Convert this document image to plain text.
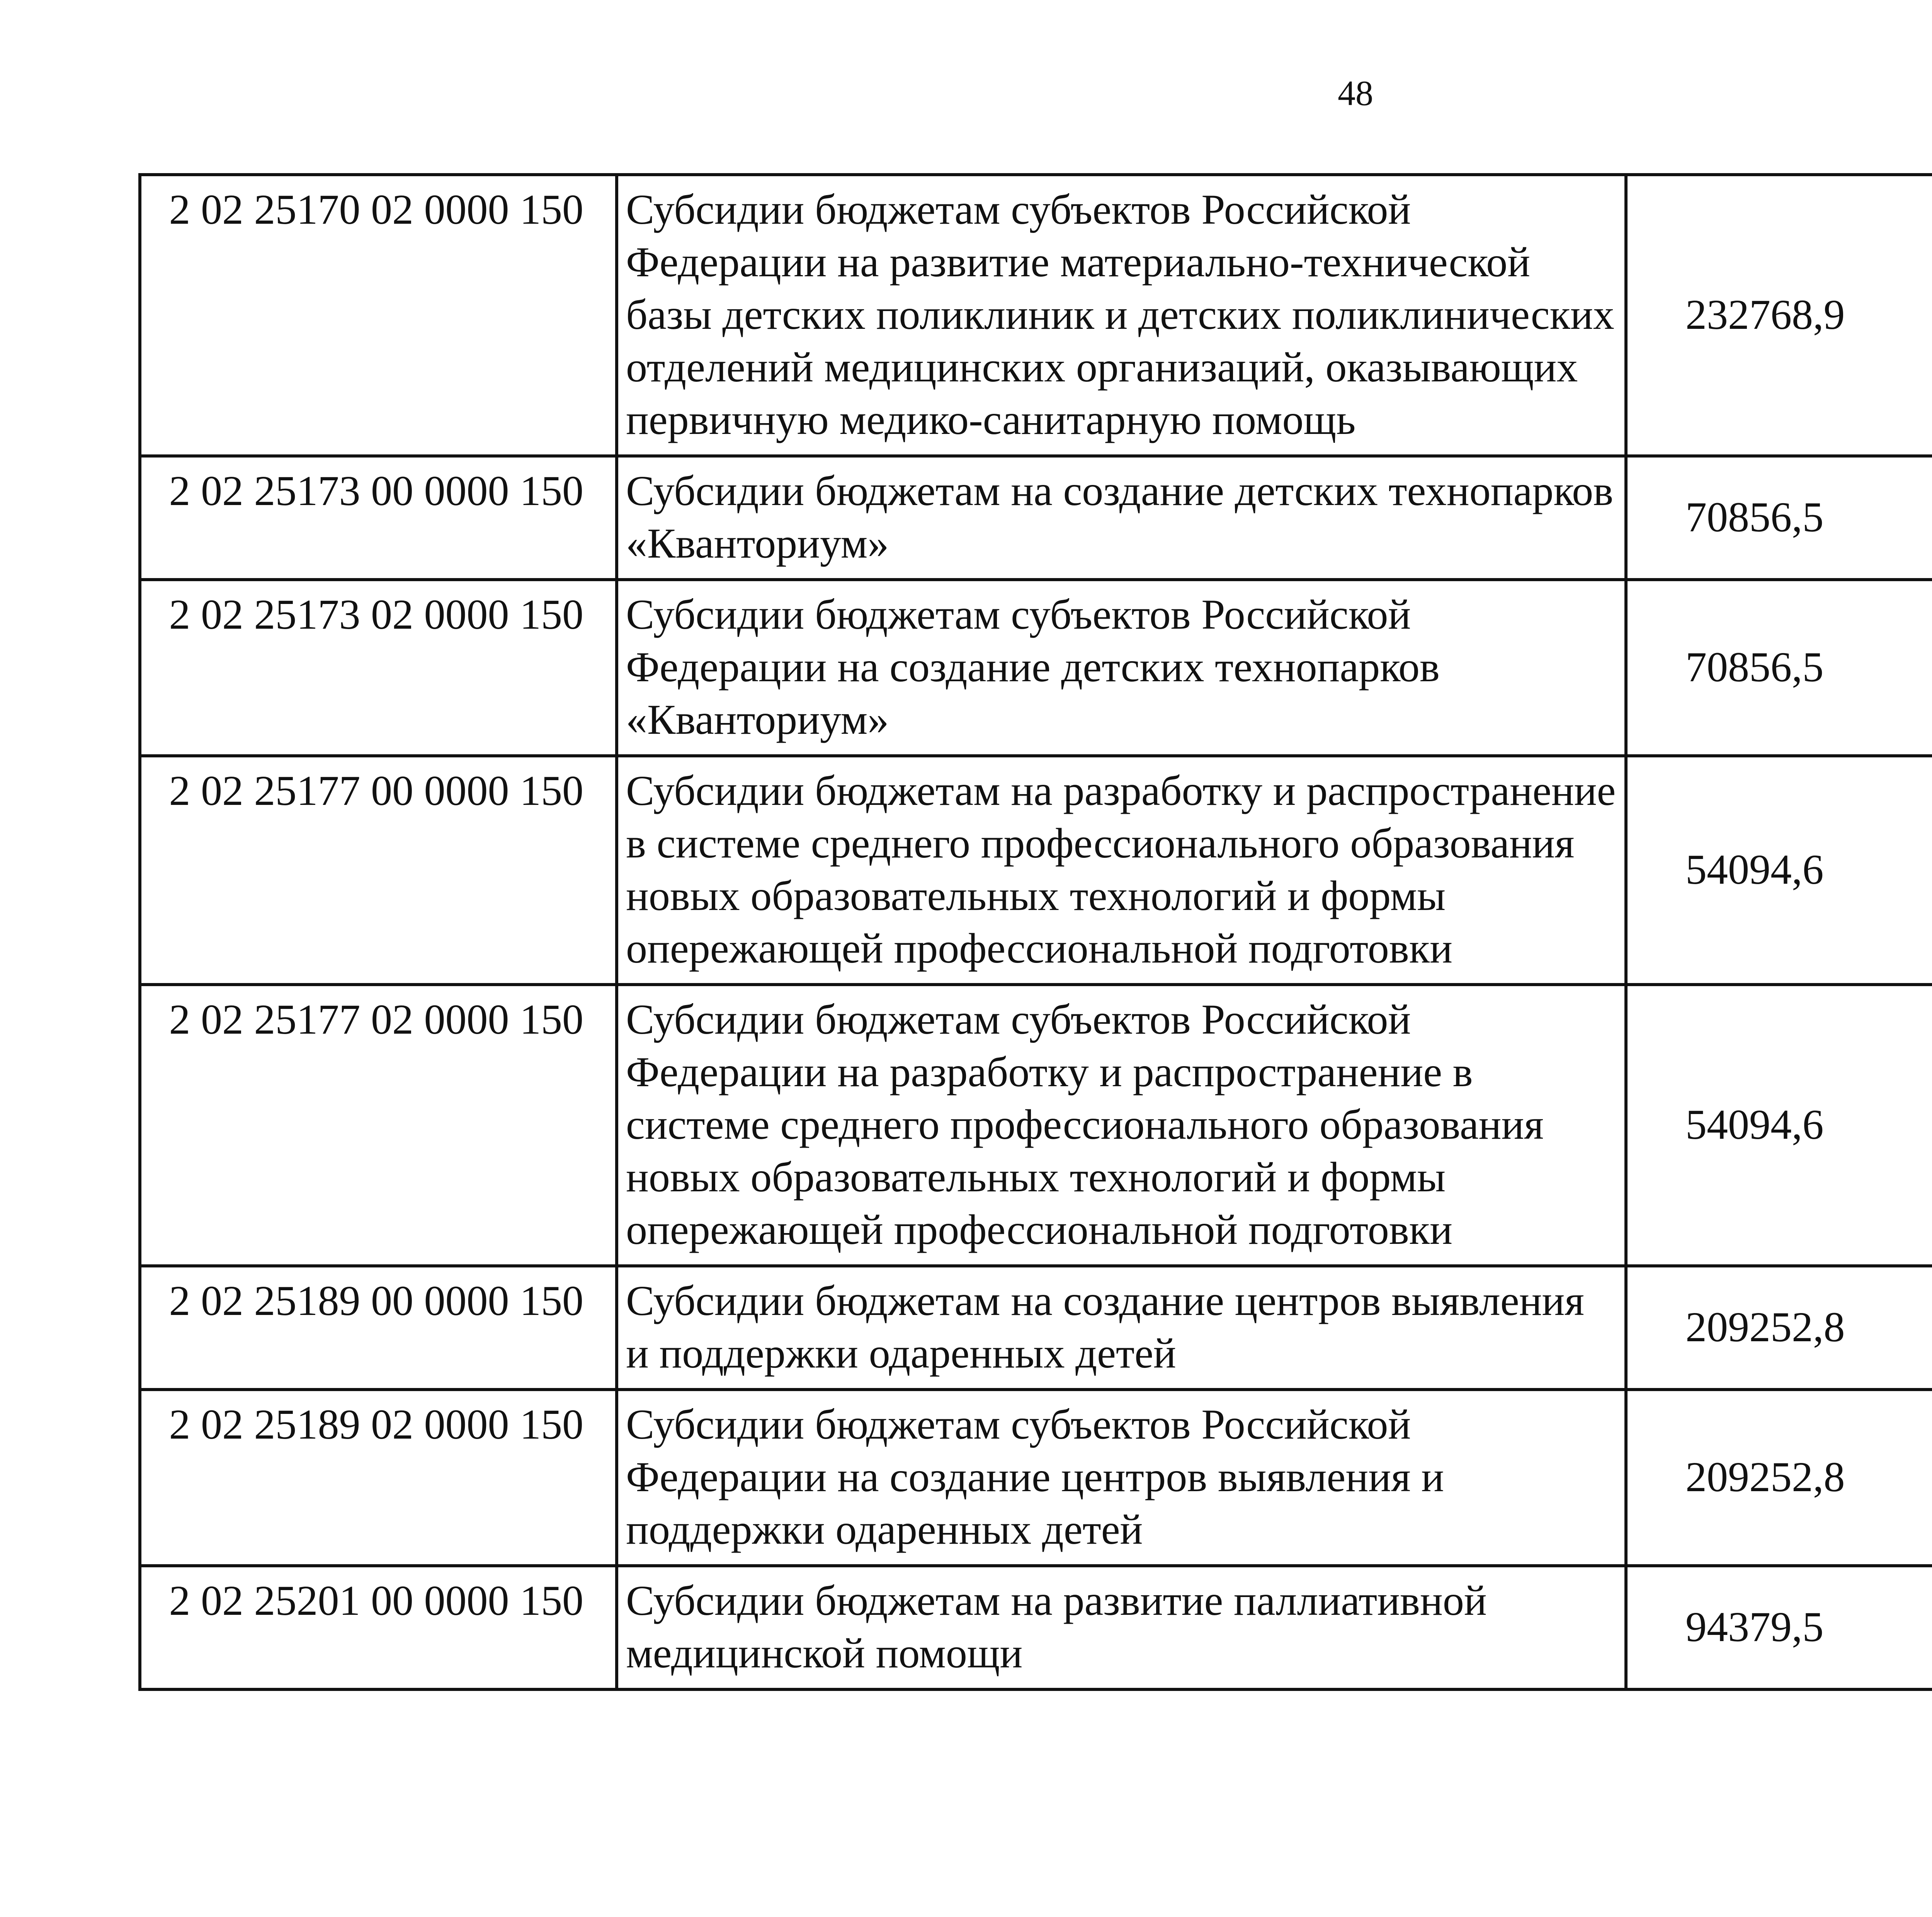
48
2 02 25170 02 0000 150	Субсидии бюджетам субъектов Российской Федерации на развитие материально-технической базы детских поликлиник и детских поликлинических отделений медицинских организаций, оказывающих первичную медико-санитарную помощь	232768,9		
2 02 25173 00 0000 150	Субсидии бюджетам на создание детских технопарков «Кванториум»	70856,5		
2 02 25173 02 0000 150	Субсидии бюджетам субъектов Российской Федерации на создание детских технопарков «Кванториум»	70856,5		
2 02 25177 00 0000 150	Субсидии бюджетам на разработку и распространение в системе среднего профессионального образования новых образовательных технологий и формы опережающей профессиональной подготовки	54094,6		
2 02 25177 02 0000 150	Субсидии бюджетам субъектов Российской Федерации на разработку и распространение в системе среднего профессионального образования новых образовательных технологий и формы опережающей профессиональной подготовки	54094,6		
2 02 25189 00 0000 150	Субсидии бюджетам на создание центров выявления и поддержки одаренных детей	209252,8		
2 02 25189 02 0000 150	Субсидии бюджетам субъектов Российской Федерации на создание центров выявления и поддержки одаренных детей	209252,8		
2 02 25201 00 0000 150	Субсидии бюджетам на развитие паллиативной медицинской помощи	94379,5		
